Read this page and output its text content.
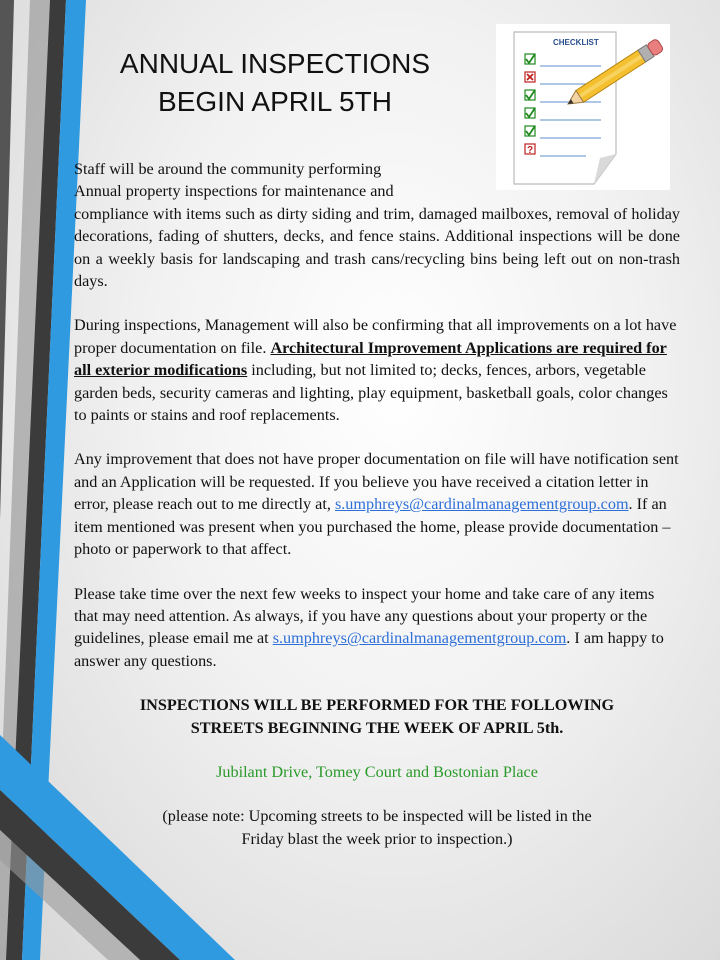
ANNUAL INSPECTIONS
BEGIN APRIL 5TH
CHECKLIST
?

Staff will be around the community performing
Annual property inspections for maintenance and
compliance with items such as dirty siding and trim, damaged mailboxes, removal of holiday decorations, fading of shutters, decks, and fence stains. Additional inspections will be done on a weekly basis for landscaping and trash cans/recycling bins being left out on non-trash days.

During inspections, Management will also be confirming that all improvements on a lot have proper documentation on file. Architectural Improvement Applications are required for all exterior modifications including, but not limited to; decks, fences, arbors, vegetable garden beds, security cameras and lighting, play equipment, basketball goals, color changes to paints or stains and roof replacements.

Any improvement that does not have proper documentation on file will have notification sent and an Application will be requested. If you believe you have received a citation letter in error, please reach out to me directly at, s.umphreys@cardinalmanagementgroup.com. If an item mentioned was present when you purchased the home, please provide documentation – photo or paperwork to that affect.

Please take time over the next few weeks to inspect your home and take care of any items that may need attention. As always, if you have any questions about your property or the guidelines, please email me at s.umphreys@cardinalmanagementgroup.com. I am happy to answer any questions.

INSPECTIONS WILL BE PERFORMED FOR THE FOLLOWING
STREETS BEGINNING THE WEEK OF APRIL 5th.

Jubilant Drive, Tomey Court and Bostonian Place

(please note: Upcoming streets to be inspected will be listed in the
Friday blast the week prior to inspection.)
